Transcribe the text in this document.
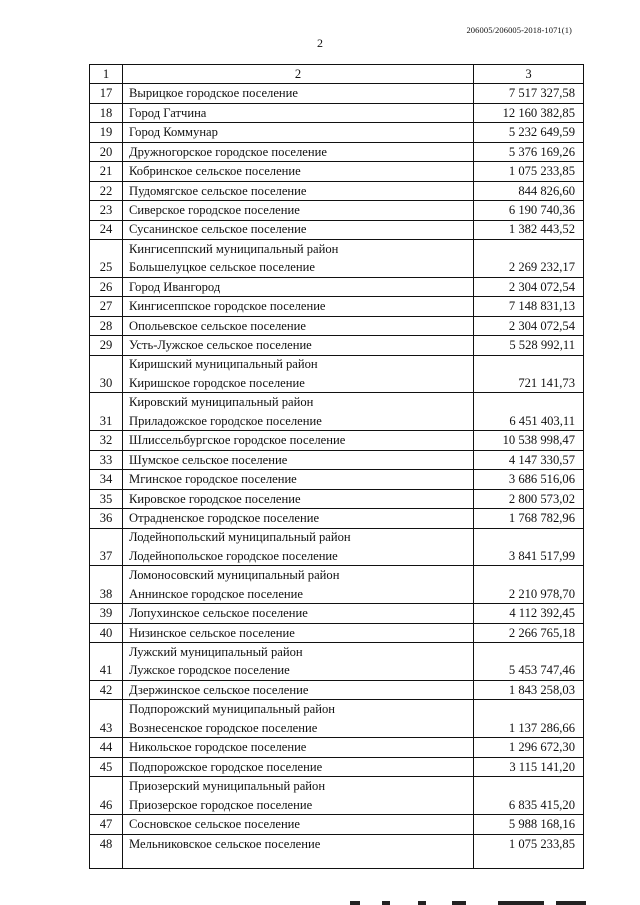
206005/206005-2018-1071(1)
2
1	2	3
17	Вырицкое городское поселение	7 517 327,58
18	Город Гатчина	12 160 382,85
19	Город Коммунар	5 232 649,59
20	Дружногорское городское поселение	5 376 169,26
21	Кобринское сельское поселение	1 075 233,85
22	Пудомягское сельское поселение	844 826,60
23	Сиверское городское поселение	6 190 740,36
24	Сусанинское сельское поселение	1 382 443,52
	Кингисеппский муниципальный район	
25	Большелуцкое сельское поселение	2 269 232,17
26	Город Ивангород	2 304 072,54
27	Кингисеппское городское поселение	7 148 831,13
28	Опольевское сельское поселение	2 304 072,54
29	Усть-Лужское сельское поселение	5 528 992,11
	Киришский муниципальный район	
30	Киришское городское поселение	721 141,73
	Кировский муниципальный район	
31	Приладожское городское поселение	6 451 403,11
32	Шлиссельбургское городское поселение	10 538 998,47
33	Шумское сельское поселение	4 147 330,57
34	Мгинское городское поселение	3 686 516,06
35	Кировское городское поселение	2 800 573,02
36	Отрадненское городское поселение	1 768 782,96
	Лодейнопольский муниципальный район	
37	Лодейнопольское городское поселение	3 841 517,99
	Ломоносовский муниципальный район	
38	Аннинское городское поселение	2 210 978,70
39	Лопухинское сельское поселение	4 112 392,45
40	Низинское сельское поселение	2 266 765,18
	Лужский муниципальный район	
41	Лужское городское поселение	5 453 747,46
42	Дзержинское сельское поселение	1 843 258,03
	Подпорожский муниципальный район	
43	Вознесенское городское поселение	1 137 286,66
44	Никольское городское поселение	1 296 672,30
45	Подпорожское городское поселение	3 115 141,20
	Приозерский муниципальный район	
46	Приозерское городское поселение	6 835 415,20
47	Сосновское сельское поселение	5 988 168,16
48	Мельниковское сельское поселение	1 075 233,85
